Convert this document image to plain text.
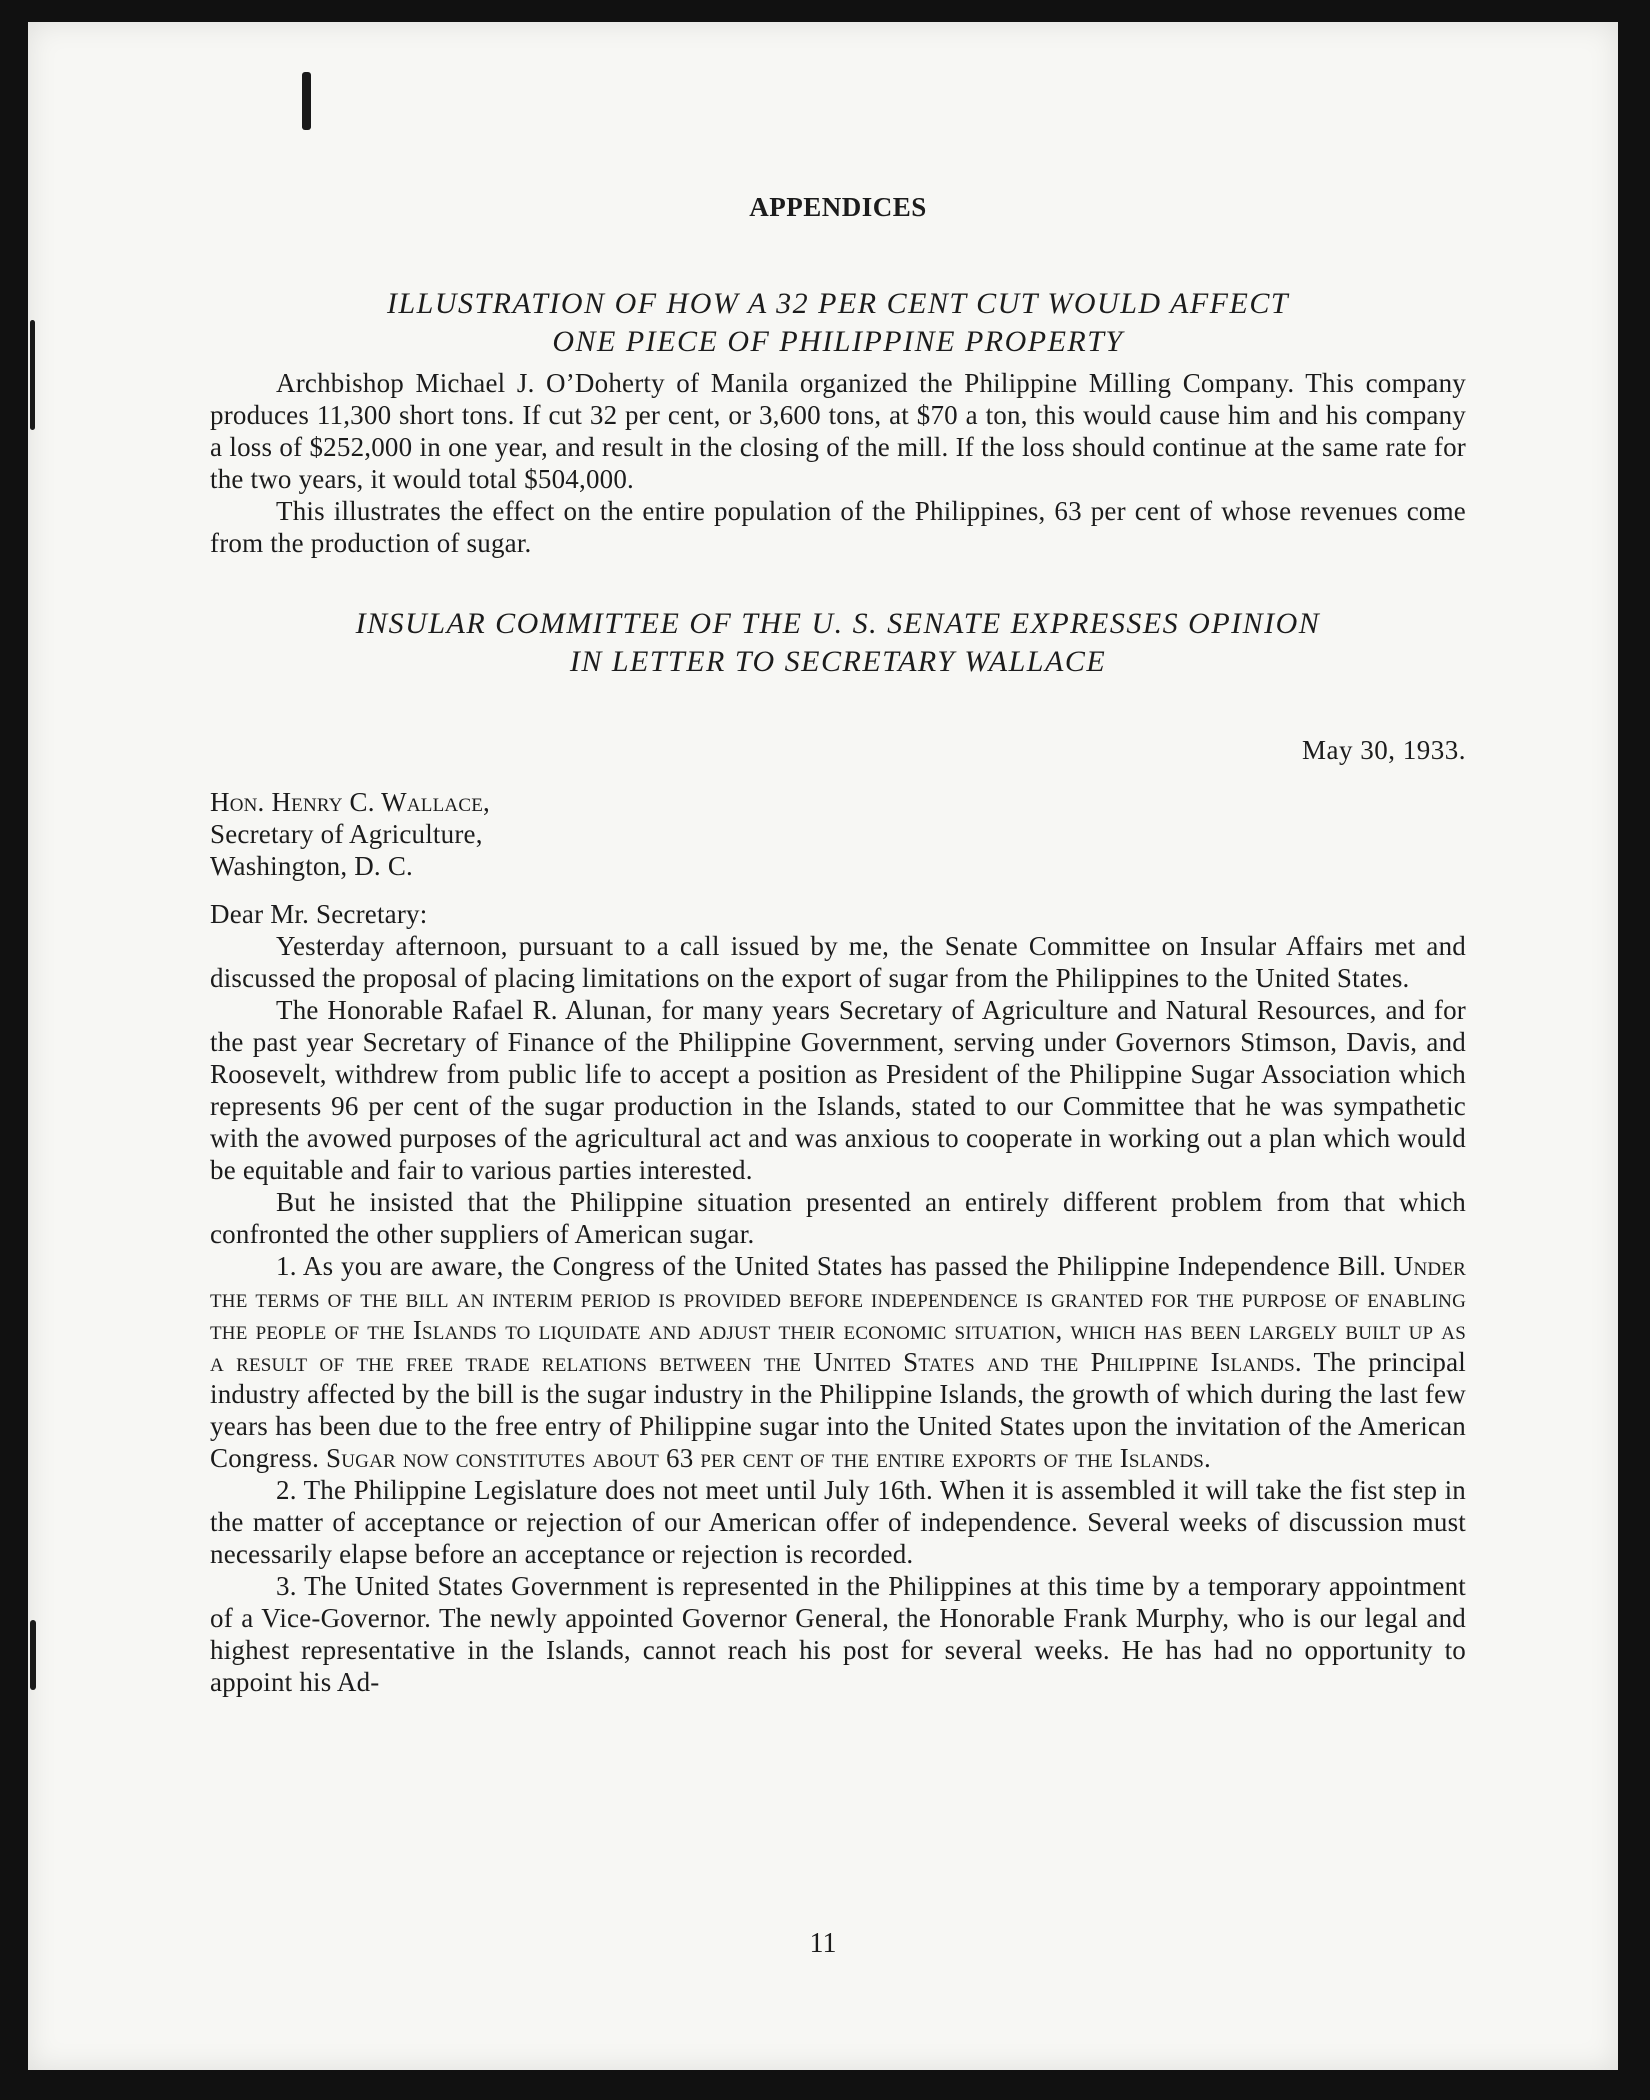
APPENDICES
ILLUSTRATION OF HOW A 32 PER CENT CUT WOULD AFFECT
ONE PIECE OF PHILIPPINE PROPERTY

Archbishop Michael J. O’Doherty of Manila organized the Philippine Milling Company. This company produces 11,300 short tons. If cut 32 per cent, or 3,600 tons, at $70 a ton, this would cause him and his company a loss of $252,000 in one year, and result in the closing of the mill. If the loss should continue at the same rate for the two years, it would total $504,000.

This illustrates the effect on the entire population of the Philippines, 63 per cent of whose revenues come from the production of sugar.

INSULAR COMMITTEE OF THE U. S. SENATE EXPRESSES OPINION
IN LETTER TO SECRETARY WALLACE
May 30, 1933.

Hon. Henry C. Wallace,

Secretary of Agriculture,

Washington, D. C.

Dear Mr. Secretary:

Yesterday afternoon, pursuant to a call issued by me, the Senate Committee on Insular Affairs met and discussed the proposal of placing limitations on the export of sugar from the Philippines to the United States.

The Honorable Rafael R. Alunan, for many years Secretary of Agriculture and Natural Resources, and for the past year Secretary of Finance of the Philippine Government, serving under Governors Stimson, Davis, and Roosevelt, withdrew from public life to accept a position as President of the Philippine Sugar Association which represents 96 per cent of the sugar production in the Islands, stated to our Committee that he was sympathetic with the avowed purposes of the agricultural act and was anxious to cooperate in working out a plan which would be equitable and fair to various parties interested.

But he insisted that the Philippine situation presented an entirely different problem from that which confronted the other suppliers of American sugar.

1. As you are aware, the Congress of the United States has passed the Philippine Independence Bill. Under the terms of the bill an interim period is provided before independence is granted for the purpose of enabling the people of the Islands to liquidate and adjust their economic situation, which has been largely built up as a result of the free trade relations between the United States and the Philippine Islands. The principal industry affected by the bill is the sugar industry in the Philippine Islands, the growth of which during the last few years has been due to the free entry of Philippine sugar into the United States upon the invitation of the American Congress. Sugar now constitutes about 63 per cent of the entire exports of the Islands.

2. The Philippine Legislature does not meet until July 16th. When it is assembled it will take the fist step in the matter of acceptance or rejection of our American offer of independence. Several weeks of discussion must necessarily elapse before an acceptance or rejection is recorded.

3. The United States Government is represented in the Philippines at this time by a temporary appointment of a Vice-Governor. The newly appointed Governor General, the Honorable Frank Murphy, who is our legal and highest representative in the Islands, cannot reach his post for several weeks. He has had no opportunity to appoint his Ad-

11
